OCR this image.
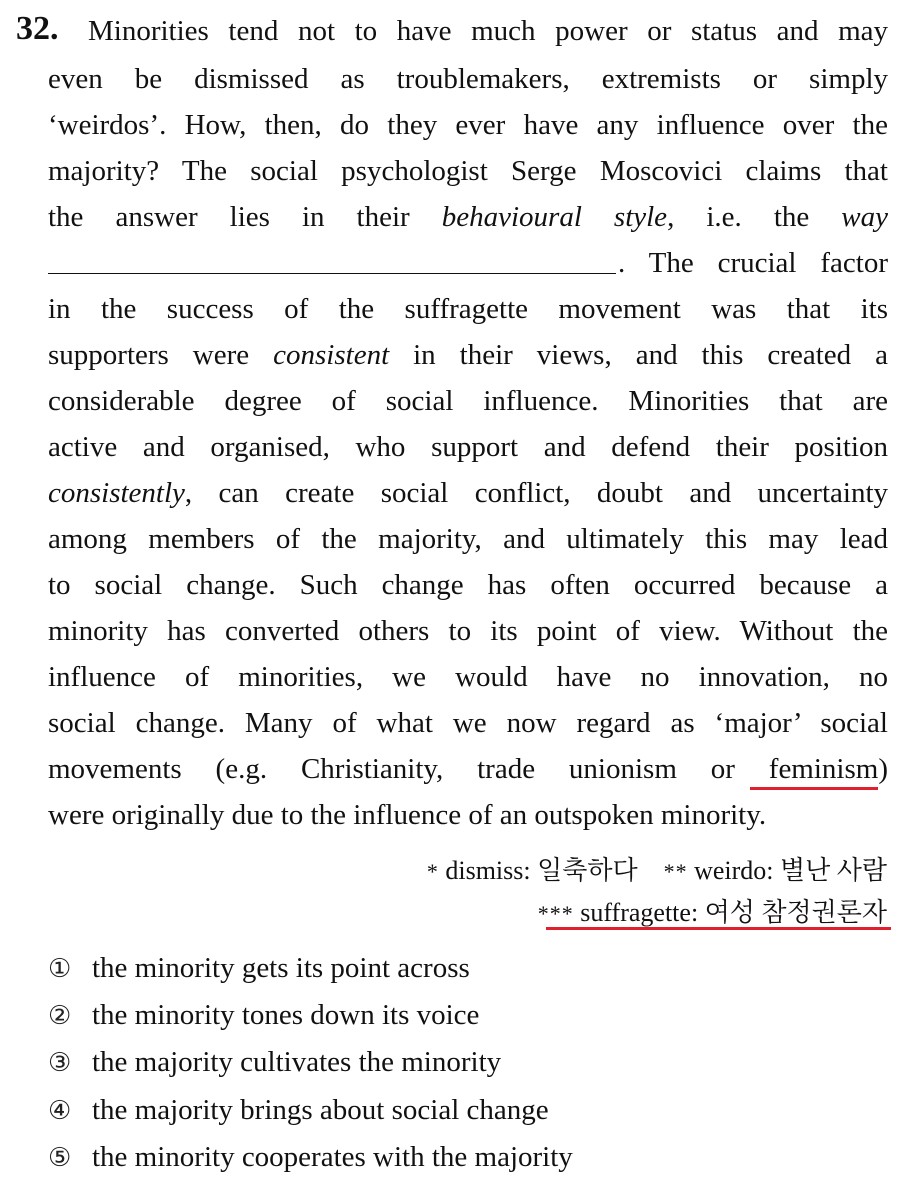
32. Minorities tend not to have much power or status and may
even be dismissed as troublemakers, extremists or simply
‘weirdos’. How, then, do they ever have any influence over the
majority? The social psychologist Serge Moscovici claims that
the answer lies in their behavioural style, i.e. the way
. The crucial factor
in the success of the suffragette movement was that its
supporters were consistent in their views, and this created a
considerable degree of social influence. Minorities that are
active and organised, who support and defend their position
consistently, can create social conflict, doubt and uncertainty
among members of the majority, and ultimately this may lead
to social change. Such change has often occurred because a
minority has converted others to its point of view. Without the
influence of minorities, we would have no innovation, no
social change. Many of what we now regard as ‘major’ social
movements (e.g. Christianity, trade unionism or feminism)
were originally due to the influence of an outspoken minority.
* dismiss: 일축하다 ** weirdo: 별난 사람
*** suffragette: 여성 참정권론자
① the minority gets its point across
② the minority tones down its voice
③ the majority cultivates the minority
④ the majority brings about social change
⑤ the minority cooperates with the majority
